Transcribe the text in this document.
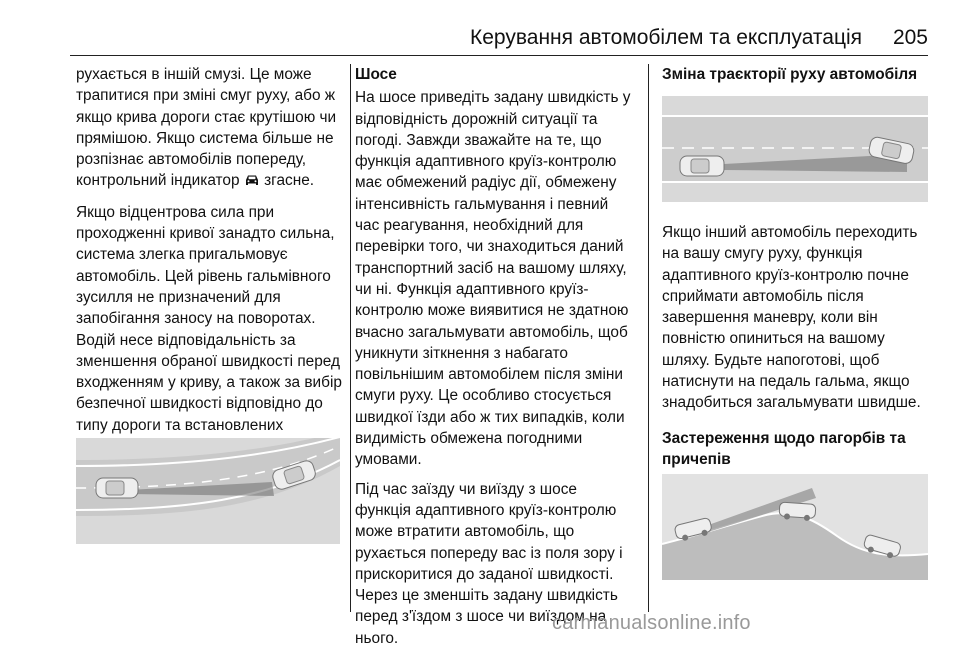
Керування автомобілем та експлуатація 205

рухається в іншій смузі. Це може трапитися при зміні смуг руху, або ж якщо крива дороги стає крутішою чи прямішою. Якщо система більше не розпізнає автомобілів попереду, контрольний індикатор згасне.

Якщо відцентрова сила при проходженні кривої занадто сильна, система злегка пригальмовує автомобіль. Цей рівень гальмівного зусилля не призначений для запобігання заносу на поворотах. Водій несе відповідальність за зменшення обраної швидкості перед входженням у криву, а також за вибір безпечної швидкості відповідно до типу дороги та встановлених

Шосе

На шосе приведіть задану швидкість у відповідність дорожній ситуації та погоді. Завжди зважайте на те, що функція адаптивного круїз-контролю має обмежений радіус дії, обмежену інтенсивність гальмування і певний час реагування, необхідний для перевірки того, чи знаходиться даний транспортний засіб на вашому шляху, чи ні. Функція адаптивного круїз-контролю може виявитися не здатною вчасно загальмувати автомобіль, щоб уникнути зіткнення з набагато повільнішим автомобілем після зміни смуги руху. Це особливо стосується швидкої їзди або ж тих випадків, коли видимість обмежена погодними умовами.

Під час заїзду чи виїзду з шосе функція адаптивного круїз-контролю може втратити автомобіль, що рухається попереду вас із поля зору і прискоритися до заданої швидкості. Через це зменшіть задану швидкість перед з'їздом з шосе чи виїздом на нього.

Зміна траєкторії руху автомобіля

Якщо інший автомобіль переходить на вашу смугу руху, функція адаптивного круїз-контролю почне сприймати автомобіль після завершення маневру, коли він повністю опиниться на вашому шляху. Будьте напоготові, щоб натиснути на педаль гальма, якщо знадобиться загальмувати швидше.

Застереження щодо пагорбів та причепів
carmanualsonline.info
